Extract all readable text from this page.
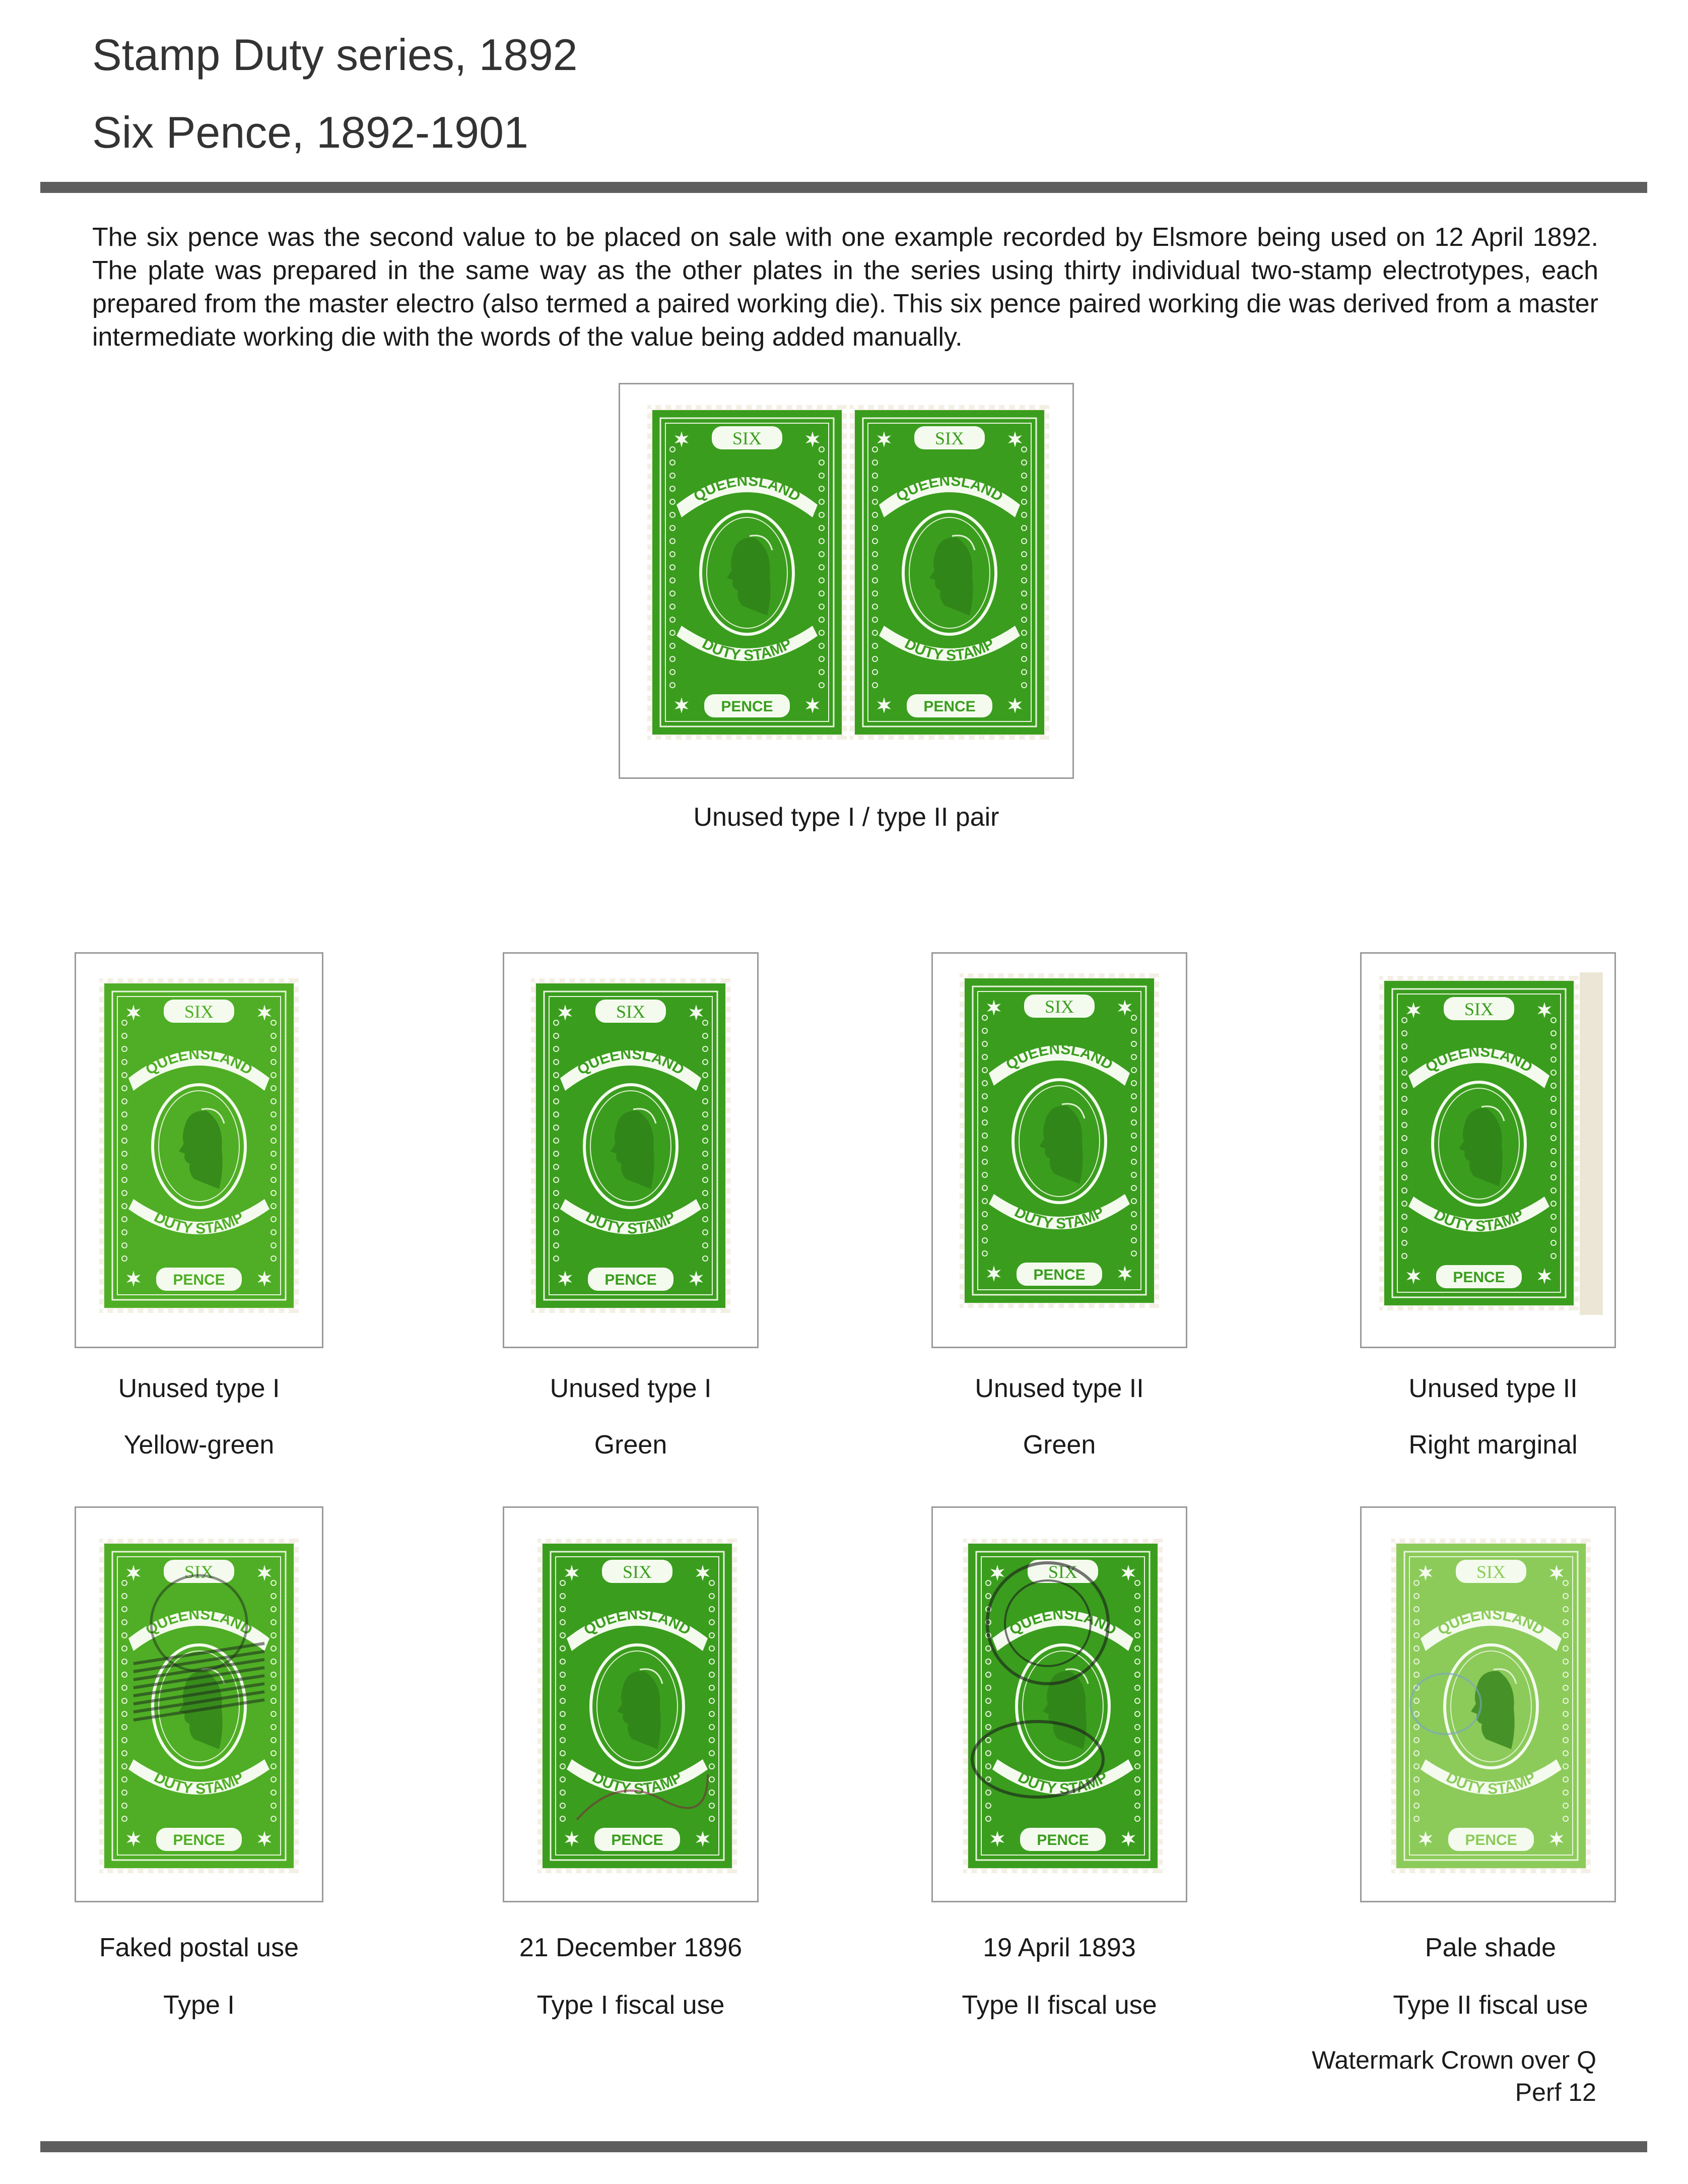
Stamp Duty series, 1892
Six Pence, 1892-1901
The six pence was the second value to be placed on sale with one example recorded by Elsmore being used on 12 April 1892. The plate was prepared in the same way as the other plates in the series using thirty individual two-stamp electrotypes, each prepared from the master electro (also termed a paired working die). This six pence paired working die was derived from a master intermediate working die with the words of the value being added manually.
SIX
PENCE
QUEENSLAND
DUTY STAMP
SIX
PENCE
QUEENSLAND
DUTY STAMP
Unused type I / type II pair
SIX
PENCE
QUEENSLAND
DUTY STAMP
SIX
PENCE
QUEENSLAND
DUTY STAMP
SIX
PENCE
QUEENSLAND
DUTY STAMP
SIX
PENCE
QUEENSLAND
DUTY STAMP
Unused type I
Yellow-green
Unused type I
Green
Unused type II
Green
Unused type II
Right marginal
SIX
PENCE
QUEENSLAND
DUTY STAMP
SIX
PENCE
QUEENSLAND
DUTY STAMP
SIX
PENCE
QUEENSLAND
DUTY STAMP
SIX
PENCE
QUEENSLAND
DUTY STAMP
Faked postal use
Type I
21 December 1896
Type I fiscal use
19 April 1893
Type II fiscal use
Pale shade
Type II fiscal use
Watermark Crown over Q
Perf 12
